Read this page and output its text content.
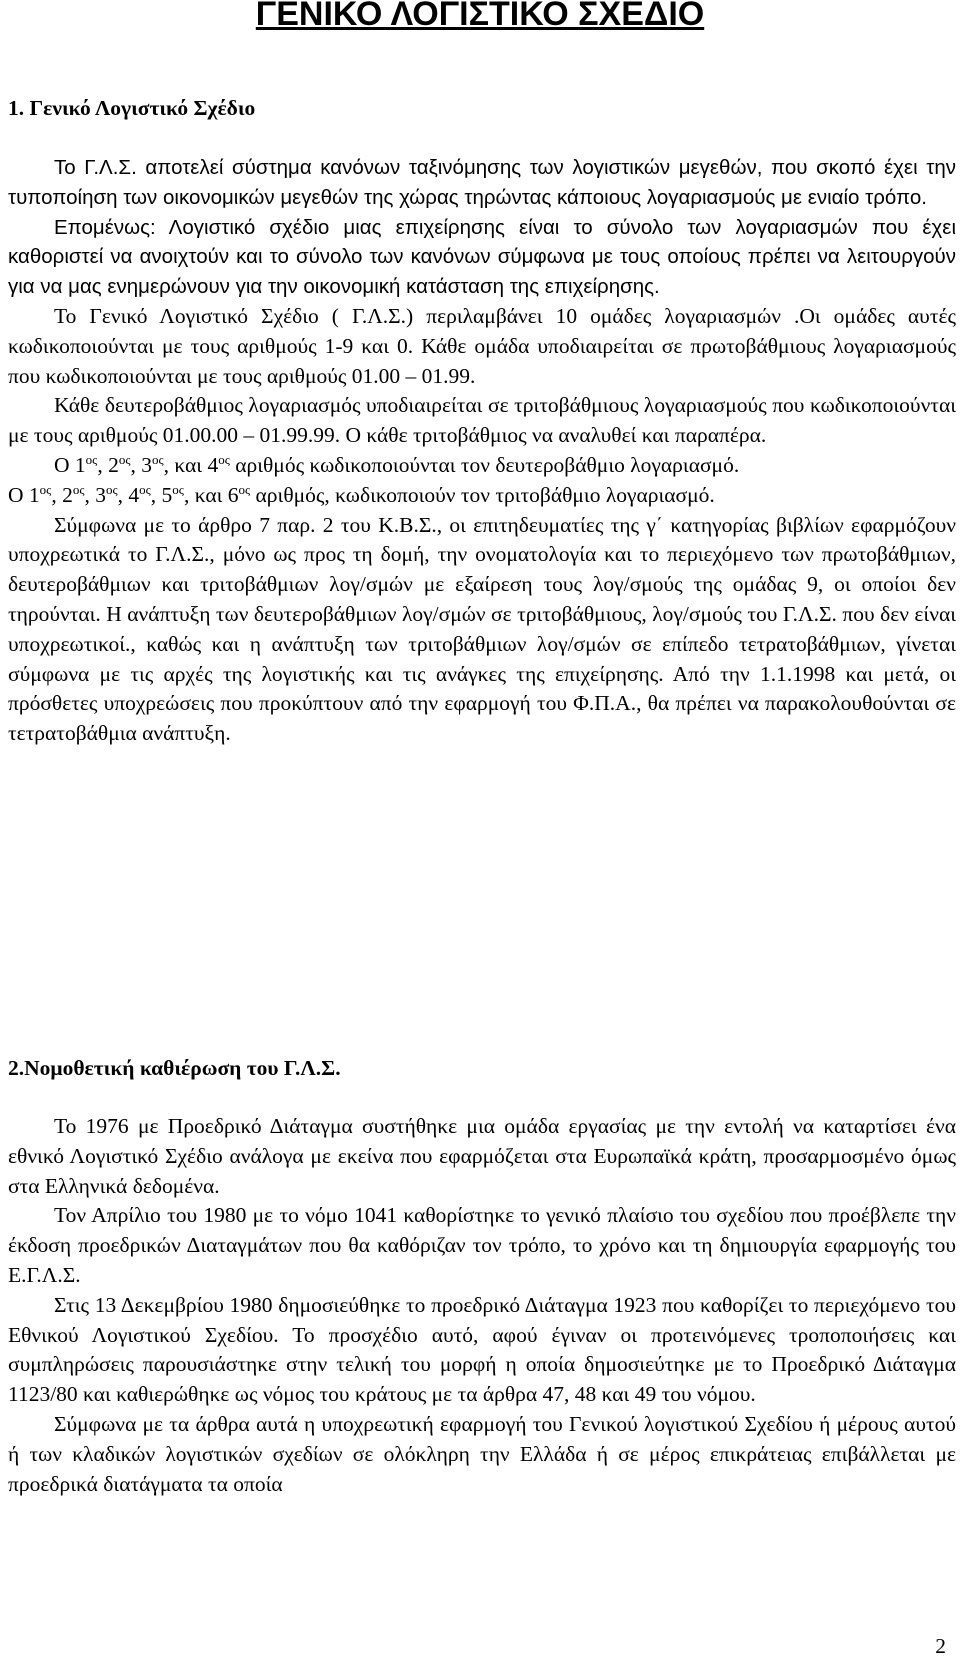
ΓΕΝΙΚΟ ΛΟΓΙΣΤΙΚΟ ΣΧΕΔΙΟ
1. Γενικό Λογιστικό Σχέδιο

Το Γ.Λ.Σ. αποτελεί σύστημα κανόνων ταξινόμησης των λογιστικών μεγεθών, που σκοπό έχει την τυποποίηση των οικονομικών μεγεθών της χώρας τηρώντας κάποιους λογαριασμούς με ενιαίο τρόπο.

Επομένως: Λογιστικό σχέδιο μιας επιχείρησης είναι το σύνολο των λογαριασμών που έχει καθοριστεί να ανοιχτούν και το σύνολο των κανόνων σύμφωνα με τους οποίους πρέπει να λειτουργούν για να μας ενημερώνουν για την οικονομική κατάσταση της επιχείρησης.

Το Γενικό Λογιστικό Σχέδιο ( Γ.Λ.Σ.) περιλαμβάνει 10 ομάδες λογαριασμών .Οι ομάδες αυτές κωδικοποιούνται με τους αριθμούς 1-9 και 0. Κάθε ομάδα υποδιαιρείται σε πρωτοβάθμιους λογαριασμούς που κωδικοποιούνται με τους αριθμούς 01.00 – 01.99.

Κάθε δευτεροβάθμιος λογαριασμός υποδιαιρείται σε τριτοβάθμιους λογαριασμούς που κωδικοποιούνται με τους αριθμούς 01.00.00 – 01.99.99. Ο κάθε τριτοβάθμιος να αναλυθεί και παραπέρα.

Ο $1^{o\varsigma}$, $2^{o\varsigma}$, $3^{o\varsigma}$, και $4^{o\varsigma}$ αριθμός κωδικοποιούνται τον δευτεροβάθμιο λογαριασμό.

Ο $1^{o\varsigma}$, $2^{o\varsigma}$, $3^{o\varsigma}$, $4^{o\varsigma}$, $5^{o\varsigma}$, και $6^{o\varsigma}$ αριθμός, κωδικοποιούν τον τριτοβάθμιο λογαριασμό.

Σύμφωνα με το άρθρο 7 παρ. 2 του Κ.Β.Σ., οι επιτηδευματίες της γ΄ κατηγορίας βιβλίων εφαρμόζουν υποχρεωτικά το Γ.Λ.Σ., μόνο ως προς τη δομή, την ονοματολογία και το περιεχόμενο των πρωτοβάθμιων, δευτεροβάθμιων και τριτοβάθμιων λογ/σμών με εξαίρεση τους λογ/σμούς της ομάδας 9, οι οποίοι δεν τηρούνται. Η ανάπτυξη των δευτεροβάθμιων λογ/σμών σε τριτοβάθμιους, λογ/σμούς του Γ.Λ.Σ. που δεν είναι υποχρεωτικοί., καθώς και η ανάπτυξη των τριτοβάθμιων λογ/σμών σε επίπεδο τετρατοβάθμιων, γίνεται σύμφωνα με τις αρχές της λογιστικής και τις ανάγκες της επιχείρησης. Από την 1.1.1998 και μετά, οι πρόσθετες υποχρεώσεις που προκύπτουν από την εφαρμογή του Φ.Π.Α., θα πρέπει να παρακολουθούνται σε τετρατοβάθμια ανάπτυξη.

2.Νομοθετική καθιέρωση του Γ.Λ.Σ.

Το 1976 με Προεδρικό Διάταγμα συστήθηκε μια ομάδα εργασίας με την εντολή να καταρτίσει ένα εθνικό Λογιστικό Σχέδιο ανάλογα με εκείνα που εφαρμόζεται στα Ευρωπαϊκά κράτη, προσαρμοσμένο όμως στα Ελληνικά δεδομένα.

Τον Απρίλιο του 1980 με το νόμο 1041 καθορίστηκε το γενικό πλαίσιο του σχεδίου που προέβλεπε την έκδοση προεδρικών Διαταγμάτων που θα καθόριζαν τον τρόπο, το χρόνο και τη δημιουργία εφαρμογής του Ε.Γ.Λ.Σ.

Στις 13 Δεκεμβρίου 1980 δημοσιεύθηκε το προεδρικό Διάταγμα 1923 που καθορίζει το περιεχόμενο του Εθνικού Λογιστικού Σχεδίου. Το προσχέδιο αυτό, αφού έγιναν οι προτεινόμενες τροποποιήσεις και συμπληρώσεις παρουσιάστηκε στην τελική του μορφή η οποία δημοσιεύτηκε με το Προεδρικό Διάταγμα 1123/80 και καθιερώθηκε ως νόμος του κράτους με τα άρθρα 47, 48 και 49 του νόμου.

Σύμφωνα με τα άρθρα αυτά η υποχρεωτική εφαρμογή του Γενικού λογιστικού Σχεδίου ή μέρους αυτού ή των κλαδικών λογιστικών σχεδίων σε ολόκληρη την Ελλάδα ή σε μέρος επικράτειας επιβάλλεται με προεδρικά διατάγματα τα οποία

2
